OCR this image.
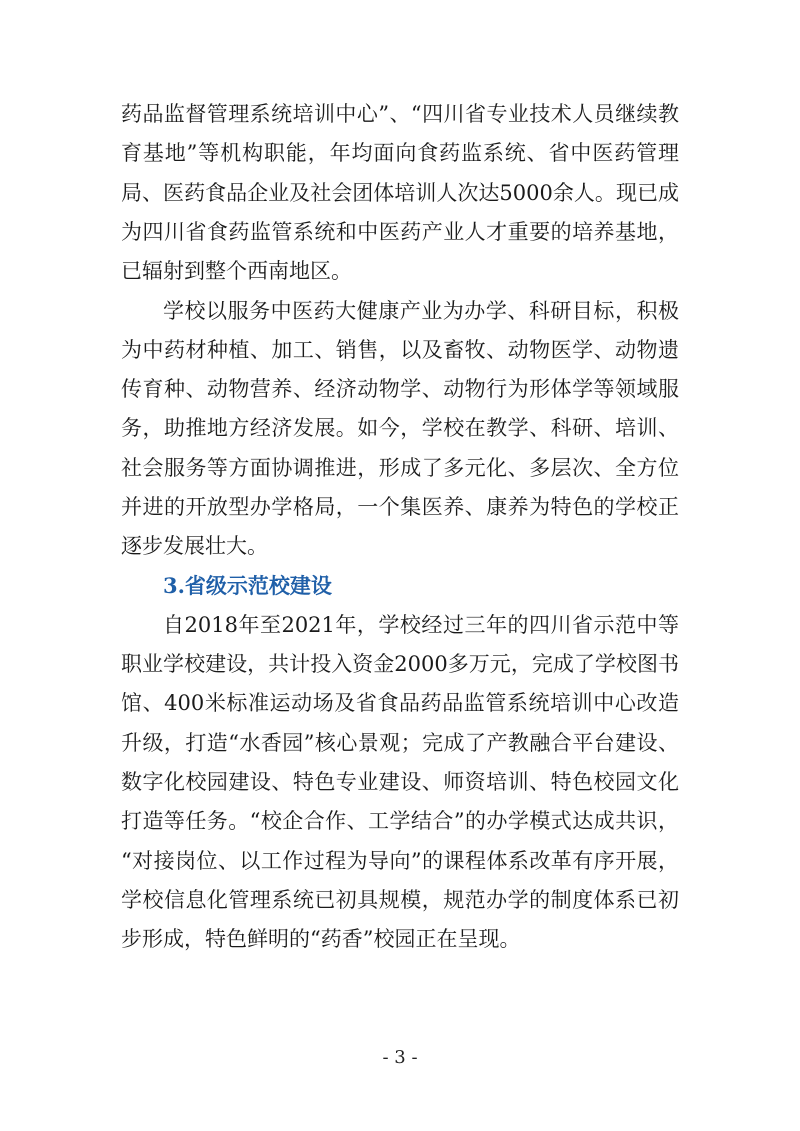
药品监督管理系统培训中心”、“四川省专业技术人员继续教

育基地”等机构职能，年均面向食药监系统、省中医药管理

局、医药食品企业及社会团体培训人次达5000余人。现已成

为四川省食药监管系统和中医药产业人才重要的培养基地，

已辐射到整个西南地区。

学校以服务中医药大健康产业为办学、科研目标，积极

为中药材种植、加工、销售，以及畜牧、动物医学、动物遗

传育种、动物营养、经济动物学、动物行为形体学等领域服

务，助推地方经济发展。如今，学校在教学、科研、培训、

社会服务等方面协调推进，形成了多元化、多层次、全方位

并进的开放型办学格局，一个集医养、康养为特色的学校正

逐步发展壮大。

3.省级示范校建设

自2018年至2021年，学校经过三年的四川省示范中等

职业学校建设，共计投入资金2000多万元，完成了学校图书

馆、400米标准运动场及省食品药品监管系统培训中心改造

升级，打造“水香园”核心景观；完成了产教融合平台建设、

数字化校园建设、特色专业建设、师资培训、特色校园文化

打造等任务。“校企合作、工学结合”的办学模式达成共识，

“对接岗位、以工作过程为导向”的课程体系改革有序开展，

学校信息化管理系统已初具规模，规范办学的制度体系已初

步形成，特色鲜明的“药香”校园正在呈现。

- 3 -
